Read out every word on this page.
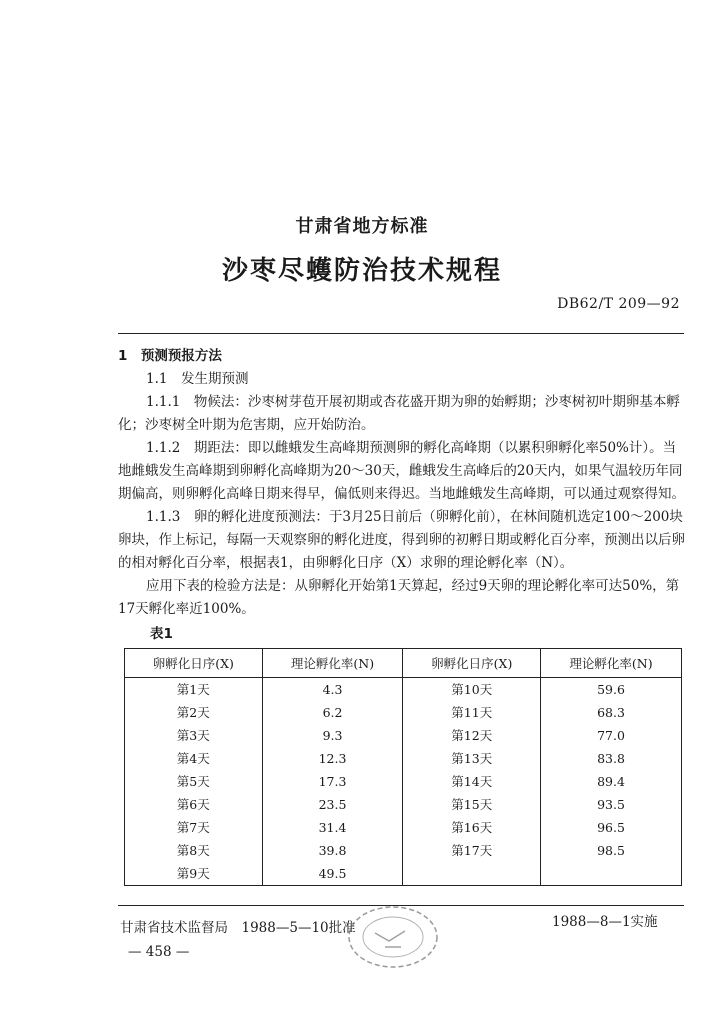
甘肃省地方标准
沙枣尽蠖防治技术规程
DB62/T 209—92

1　预测预报方法

1.1　发生期预测

1.1.1　物候法：沙枣树芽苞开展初期或杏花盛开期为卵的始孵期；沙枣树初叶期卵基本孵化；沙枣树全叶期为危害期，应开始防治。

1.1.2　期距法：即以雌蛾发生高峰期预测卵的孵化高峰期（以累积卵孵化率50%计）。当地雌蛾发生高峰期到卵孵化高峰期为20～30天，雌蛾发生高峰后的20天内，如果气温较历年同期偏高，则卵孵化高峰日期来得早，偏低则来得迟。当地雌蛾发生高峰期，可以通过观察得知。

1.1.3　卵的孵化进度预测法：于3月25日前后（卵孵化前），在林间随机选定100～200块卵块，作上标记，每隔一天观察卵的孵化进度，得到卵的初孵日期或孵化百分率，预测出以后卵的相对孵化百分率，根据表1，由卵孵化日序（X）求卵的理论孵化率（N）。

应用下表的检验方法是：从卵孵化开始第1天算起，经过9天卵的理论孵化率可达50%，第17天孵化率近100%。

表1

卵孵化日序(X)	理论孵化率(N)	卵孵化日序(X)	理论孵化率(N)
第1天	4.3	第10天	59.6
第2天	6.2	第11天	68.3
第3天	9.3	第12天	77.0
第4天	12.3	第13天	83.8
第5天	17.3	第14天	89.4
第6天	23.5	第15天	93.5
第7天	31.4	第16天	96.5
第8天	39.8	第17天	98.5
第9天	49.5		
甘肃省技术监督局　1988—5—10批准	1988—8—1实施
— 458 —
